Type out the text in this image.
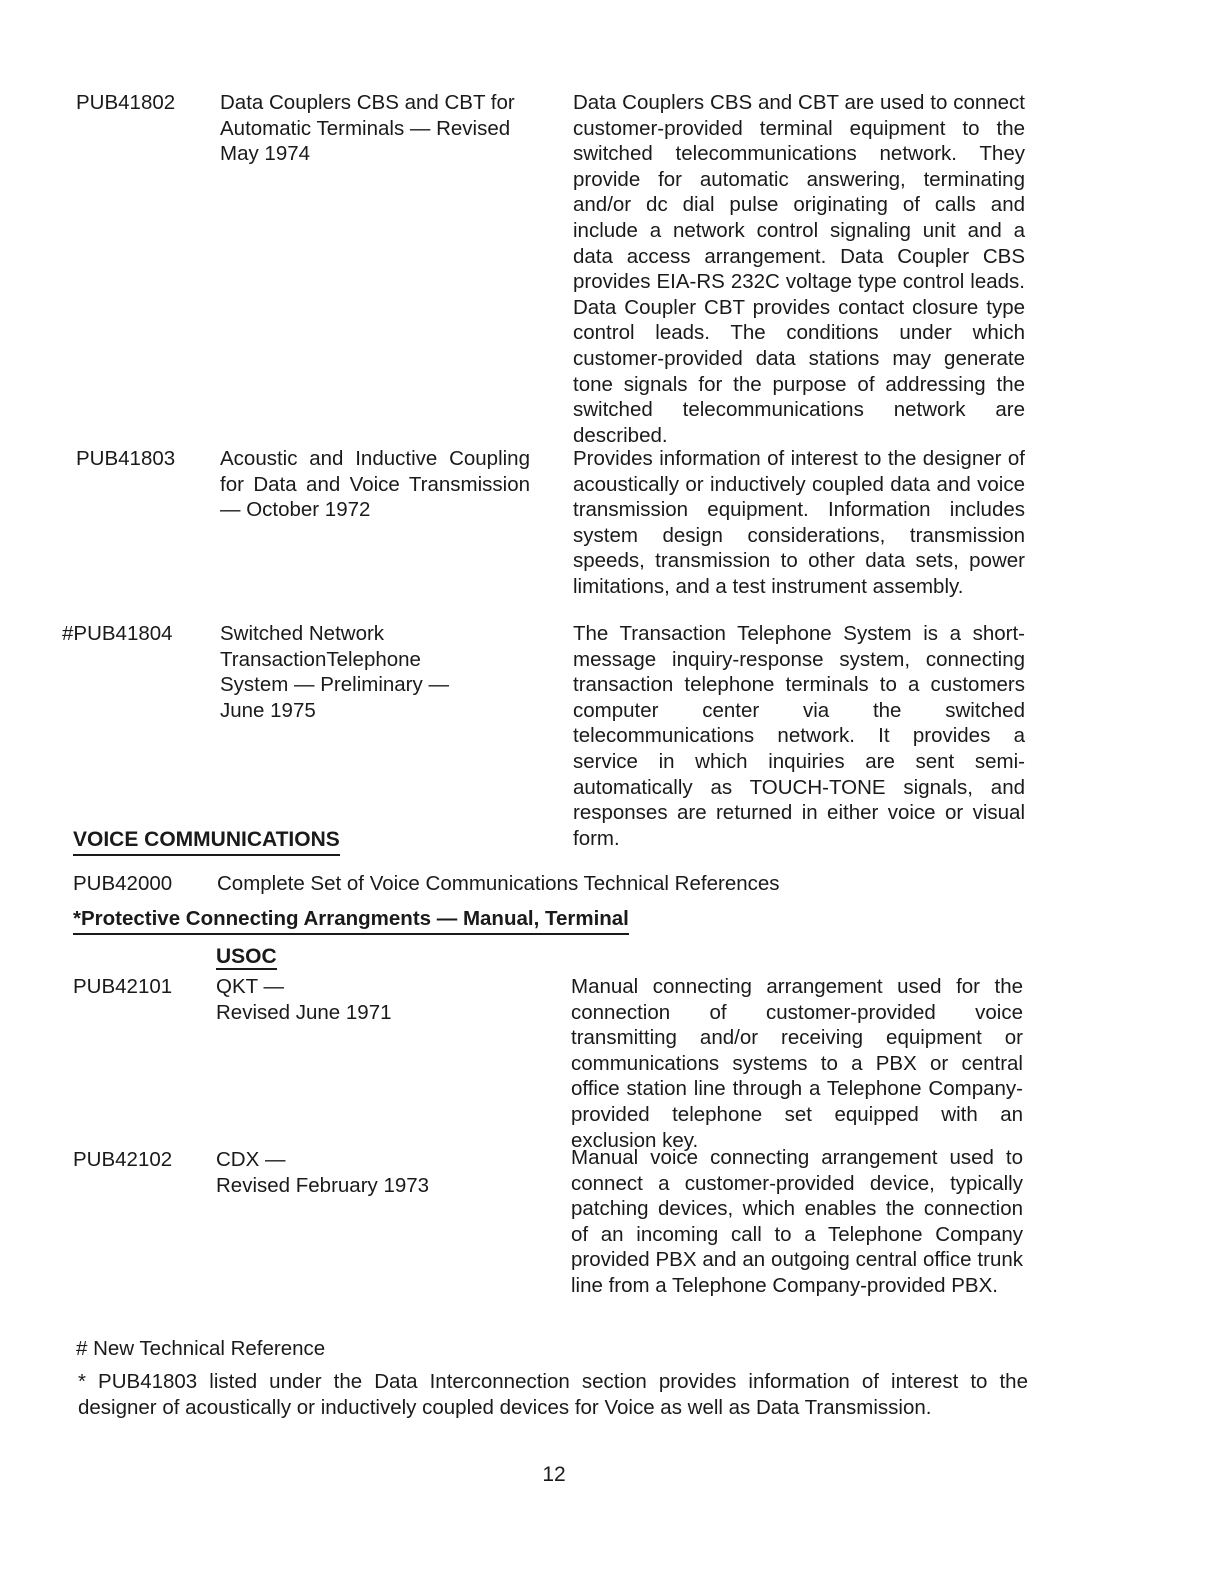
PUB41802	Data Couplers CBS and CBT for Automatic Terminals — Revised May 1974
Data Couplers CBS and CBT are used to connect customer-provided terminal equipment to the switched telecommunications network. They provide for automatic answering, terminating and/or dc dial pulse originating of calls and include a network control signaling unit and a data access arrangement. Data Coupler CBS provides EIA-RS 232C voltage type control leads. Data Coupler CBT provides contact closure type control leads. The conditions under which customer-provided data stations may generate tone signals for the purpose of addressing the switched telecommunications network are described.
PUB41803	Acoustic and Inductive Coupling for Data and Voice Transmission — October 1972
Provides information of interest to the designer of acoustically or inductively coupled data and voice transmission equipment. Information includes system design considerations, transmission speeds, transmission to other data sets, power limitations, and a test instrument assembly.
#PUB41804	Switched Network TransactionTelephone System — Preliminary — June 1975
The Transaction Telephone System is a short-message inquiry-response system, connecting transaction telephone terminals to a customers computer center via the switched telecommunications network. It provides a service in which inquiries are sent semi-automatically as TOUCH-TONE signals, and responses are returned in either voice or visual form.
VOICE COMMUNICATIONS
PUB42000	Complete Set of Voice Communications Technical References
*Protective Connecting Arrangments — Manual, Terminal
USOC
PUB42101	QKT —
Revised June 1971
Manual connecting arrangement used for the connection of customer-provided voice transmitting and/or receiving equipment or communications systems to a PBX or central office station line through a Telephone Company-provided telephone set equipped with an exclusion key.
PUB42102	CDX —
Revised February 1973
Manual voice connecting arrangement used to connect a customer-provided device, typically patching devices, which enables the connection of an incoming call to a Telephone Company provided PBX and an outgoing central office trunk line from a Telephone Company-provided PBX.
# New Technical Reference
* PUB41803 listed under the Data Interconnection section provides information of interest to the designer of acoustically or inductively coupled devices for Voice as well as Data Transmission.
12
